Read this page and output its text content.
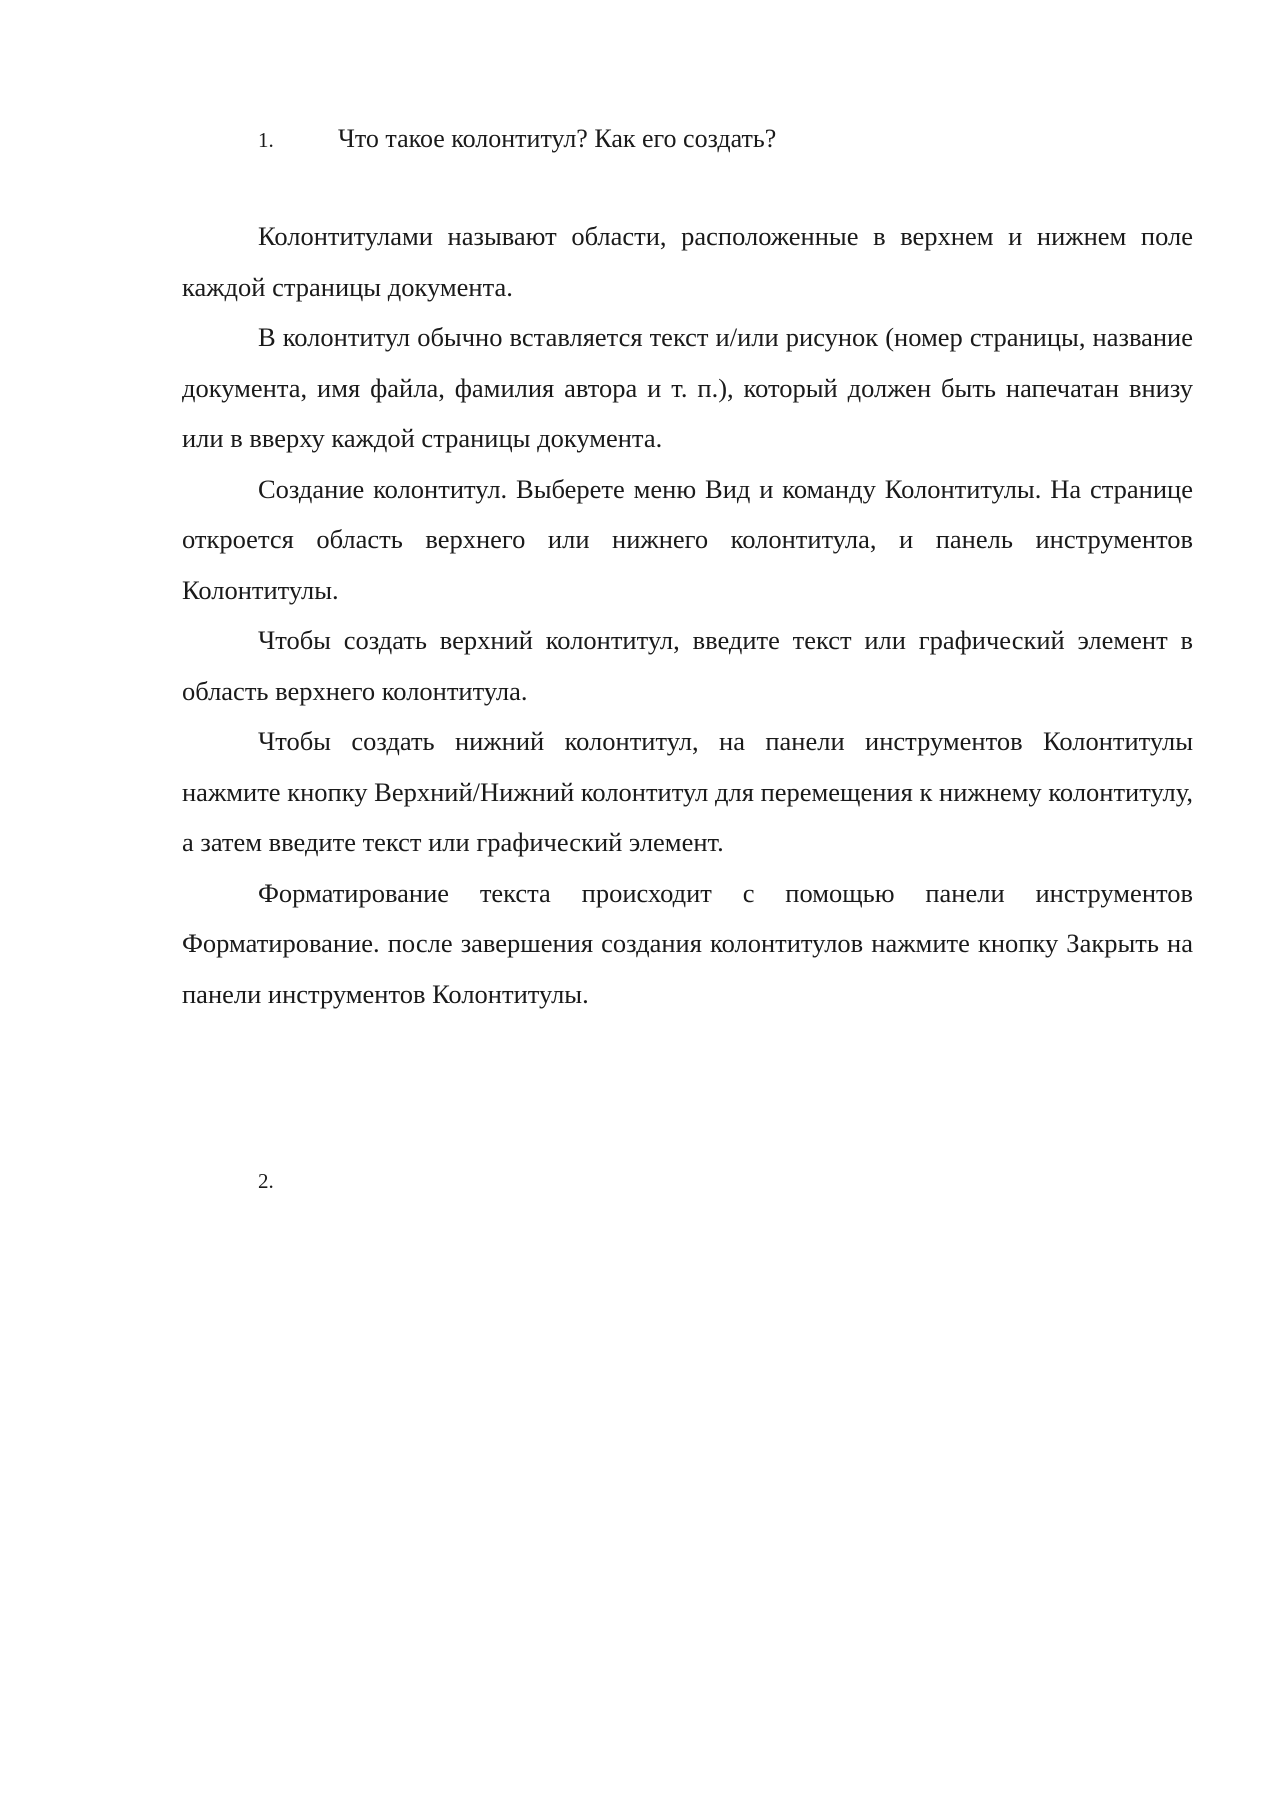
1.	Что такое колонтитул? Как его создать?

Колонтитулами называют области, расположенные в верхнем и нижнем поле каждой страницы документа.

В колонтитул обычно вставляется текст и/или рисунок (номер страницы, название документа, имя файла, фамилия автора и т. п.), который должен быть напечатан внизу или в вверху каждой страницы документа.

Создание колонтитул. Выберете меню Вид и команду Колонтитулы. На странице откроется область верхнего или нижнего колонтитула, и панель инструментов Колонтитулы.

Чтобы создать верхний колонтитул, введите текст или графический элемент в область верхнего колонтитула.

Чтобы создать нижний колонтитул, на панели инструментов Колонтитулы нажмите кнопку Верхний/Нижний колонтитул для перемещения к нижнему колонтитулу, а затем введите текст или графический элемент.

Форматирование текста происходит с помощью панели инструментов Форматирование. после завершения создания колонтитулов нажмите кнопку Закрыть на панели инструментов Колонтитулы.

2.
